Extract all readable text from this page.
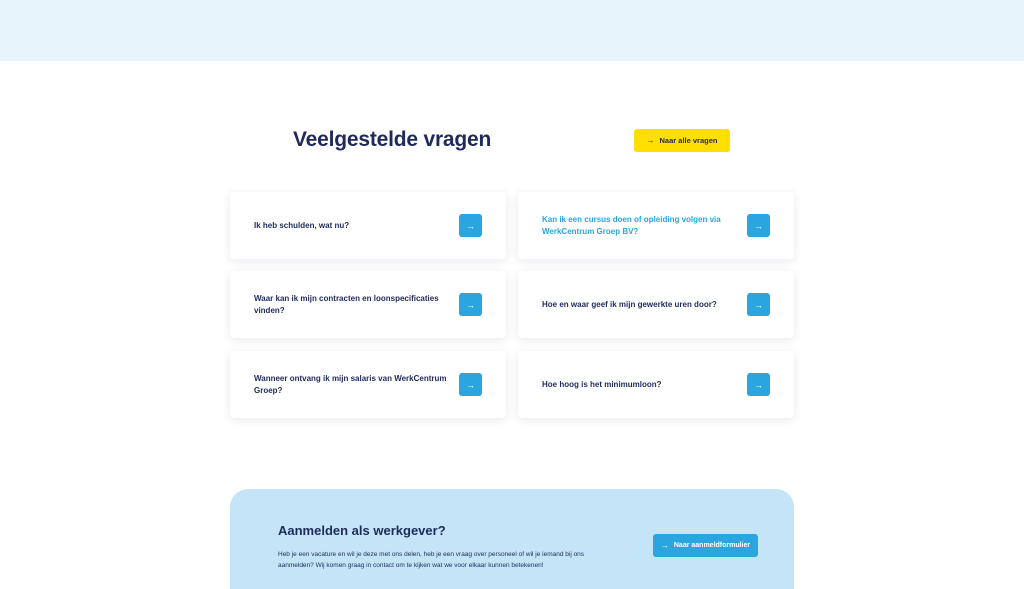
Veelgestelde vragen	→ Naar alle vragen
Ik heb schulden, wat nu?	→
Kan ik een cursus doen of opleiding volgen via WerkCentrum Groep BV?
→
Waar kan ik mijn contracten en loonspecificaties vinden?
→	Hoe en waar geef ik mijn gewerkte uren door?	→
Wanneer ontvang ik mijn salaris van WerkCentrum Groep?
→	Hoe hoog is het minimumloon?	→
Aanmelden als werkgever?

Heb je een vacature en wil je deze met ons delen, heb je een vraag over personeel of wil je iemand bij ons aanmelden? Wij komen graag in contact om te kijken wat we voor elkaar kunnen betekenen!

→ Naar aanmeldformulier
